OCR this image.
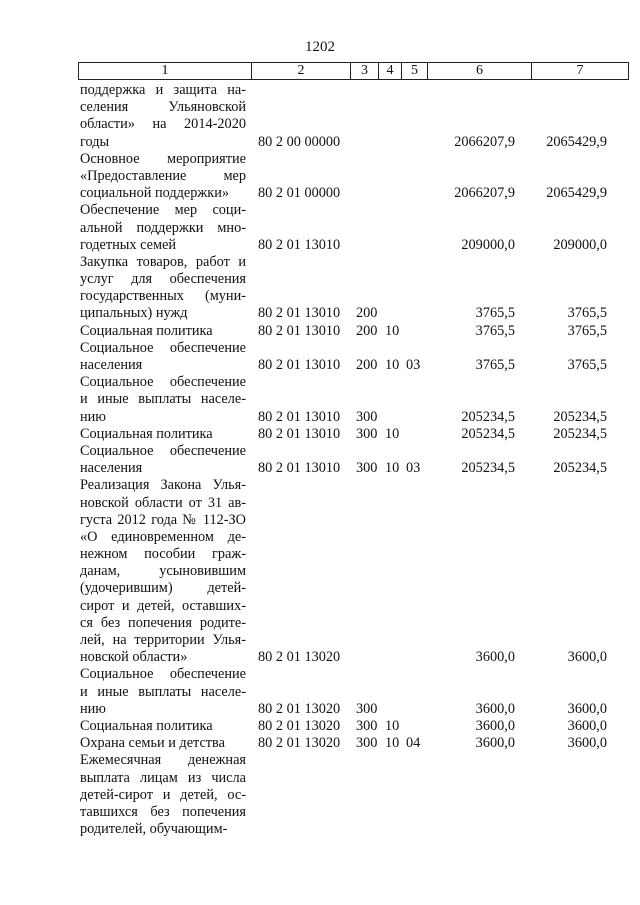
1202
1	2	3	4	5	6	7
поддержка и защита на-
селения Ульяновской
области» на 2014-2020
годы	80 2 00 00000	2066207,9 2065429,9
Основное мероприятие
«Предоставление мер
социальной поддержки»	80 2 01 00000	2066207,9 2065429,9
Обеспечение мер соци-
альной поддержки мно-
годетных семей	80 2 01 13010	209000,0	209000,0
Закупка товаров, работ и
услуг для обеспечения
государственных (муни-
ципальных) нужд	80 2 01 13010 200	3765,5	3765,5
Социальная политика	80 2 01 13010 200 10	3765,5	3765,5
Социальное обеспечение
населения	80 2 01 13010 200 10 03	3765,5	3765,5
Социальное обеспечение
и иные выплаты населе-
нию	80 2 01 13010 300	205234,5	205234,5
Социальная политика	80 2 01 13010 300 10	205234,5	205234,5
Социальное обеспечение
населения	80 2 01 13010 300 10 03	205234,5	205234,5
Реализация Закона Улья-
новской области от 31 ав-
густа 2012 года № 112-ЗО
«О единовременном де-
нежном пособии граж-
данам, усыновившим
(удочерившим) детей-
сирот и детей, оставших-
ся без попечения родите-
лей, на территории Улья-
новской области»	80 2 01 13020	3600,0	3600,0
Социальное обеспечение
и иные выплаты населе-
нию	80 2 01 13020 300	3600,0	3600,0
Социальная политика	80 2 01 13020 300 10	3600,0	3600,0
Охрана семьи и детства	80 2 01 13020 300 10 04	3600,0	3600,0
Ежемесячная денежная
выплата лицам из числа
детей-сирот и детей, ос-
тавшихся без попечения
родителей, обучающим-
